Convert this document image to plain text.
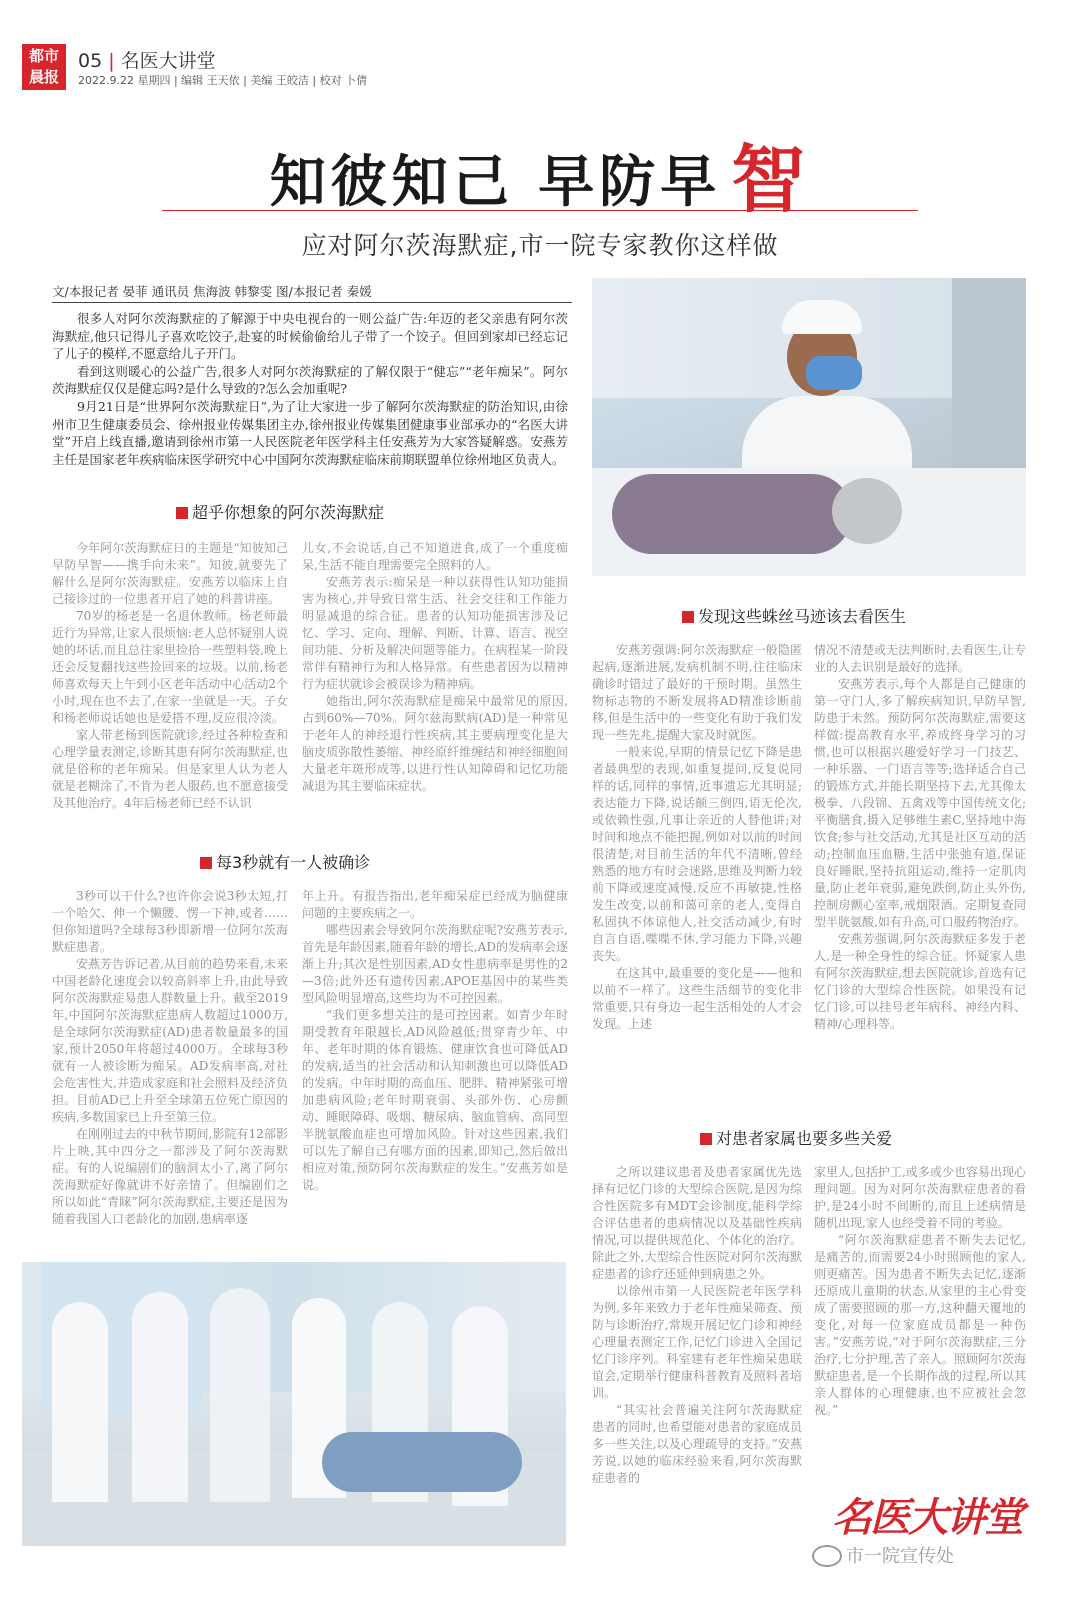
都市晨报
05 | 名医大讲堂
2022.9.22 星期四 | 编辑 王天依 | 美编 王皎洁 | 校对 卜倩
知彼知己 早防早 智
应对阿尔茨海默症,市一院专家教你这样做
文/本报记者 晏菲 通讯员 焦海波 韩黎雯 图/本报记者 秦媛

很多人对阿尔茨海默症的了解源于中央电视台的一则公益广告:年迈的老父亲患有阿尔茨海默症,他只记得儿子喜欢吃饺子,赴宴的时候偷偷给儿子带了一个饺子。但回到家却已经忘记了儿子的模样,不愿意给儿子开门。

看到这则暖心的公益广告,很多人对阿尔茨海默症的了解仅限于“健忘”“老年痴呆”。阿尔茨海默症仅仅是健忘吗?是什么导致的?怎么会加重呢?

9月21日是“世界阿尔茨海默症日”,为了让大家进一步了解阿尔茨海默症的防治知识,由徐州市卫生健康委员会、徐州报业传媒集团主办,徐州报业传媒集团健康事业部承办的“名医大讲堂”开启上线直播,邀请到徐州市第一人民医院老年医学科主任安燕芳为大家答疑解惑。安燕芳主任是国家老年疾病临床医学研究中心中国阿尔茨海默症临床前期联盟单位徐州地区负责人。

超乎你想象的阿尔茨海默症

今年阿尔茨海默症日的主题是“知彼知己 早防早智——携手向未来”。知彼,就要先了解什么是阿尔茨海默症。安燕芳以临床上自己接诊过的一位患者开启了她的科普讲座。

70岁的杨老是一名退休教师。杨老师最近行为异常,让家人很烦恼:老人总怀疑别人说她的坏话,而且总往家里捡拾一些塑料袋,晚上还会反复翻找这些捡回来的垃圾。以前,杨老师喜欢每天上午到小区老年活动中心活动2个小时,现在也不去了,在家一坐就是一天。子女和杨老师说话她也是爱搭不理,反应很冷淡。

家人带老杨到医院就诊,经过各种检查和心理学量表测定,诊断其患有阿尔茨海默症,也就是俗称的老年痴呆。但是家里人认为老人就是老糊涂了,不肯为老人服药,也不愿意接受及其他治疗。4年后杨老师已经不认识

儿女,不会说话,自己不知道进食,成了一个重度痴呆,生活不能自理需要完全照料的人。

安燕芳表示:痴呆是一种以获得性认知功能损害为核心,并导致日常生活、社会交往和工作能力明显减退的综合征。患者的认知功能损害涉及记忆、学习、定向、理解、判断、计算、语言、视空间功能、分析及解决问题等能力。在病程某一阶段常伴有精神行为和人格异常。有些患者因为以精神行为症状就诊会被误诊为精神病。

她指出,阿尔茨海默症是痴呆中最常见的原因,占到60%—70%。阿尔兹海默病(AD)是一种常见于老年人的神经退行性疾病,其主要病理变化是大脑皮质弥散性萎缩、神经原纤维缠结和神经细胞间大量老年斑形成等,以进行性认知障碍和记忆功能减退为其主要临床症状。

每3秒就有一人被确诊

3秒可以干什么?也许你会说3秒太短,打一个哈欠、伸一个懒腰、愣一下神,或者……但你知道吗?全球每3秒即新增一位阿尔茨海默症患者。

安燕芳告诉记者,从目前的趋势来看,未来中国老龄化速度会以较高斜率上升,由此导致阿尔茨海默症易患人群数量上升。截至2019年,中国阿尔茨海默症患病人数超过1000万,是全球阿尔茨海默症(AD)患者数量最多的国家,预计2050年将超过4000万。全球每3秒就有一人被诊断为痴呆。AD发病率高,对社会危害性大,并造成家庭和社会照料及经济负担。目前AD已上升至全球第五位死亡原因的疾病,多数国家已上升至第三位。

在刚刚过去的中秋节期间,影院有12部影片上映,其中四分之一都涉及了阿尔茨海默症。有的人说编剧们的脑洞太小了,离了阿尔茨海默症好像就讲不好亲情了。但编剧们之所以如此“青睐”阿尔茨海默症,主要还是因为随着我国人口老龄化的加剧,患病率逐

年上升。有报告指出,老年痴呆症已经成为脑健康问题的主要疾病之一。

哪些因素会导致阿尔茨海默症呢?安燕芳表示,首先是年龄因素,随着年龄的增长,AD的发病率会逐渐上升;其次是性别因素,AD女性患病率是男性的2—3倍;此外还有遗传因素,APOE基因中的某些类型风险明显增高,这些均为不可控因素。

“我们更多想关注的是可控因素。如青少年时期受教育年限越长,AD风险越低;贯穿青少年、中年、老年时期的体育锻炼、健康饮食也可降低AD的发病,适当的社会活动和认知刺激也可以降低AD的发病。中年时期的高血压、肥胖、精神紧张可增加患病风险;老年时期衰弱、头部外伤、心房颤动、睡眠障碍、吸烟、糖尿病、脑血管病、高同型半胱氨酸血症也可增加风险。针对这些因素,我们可以先了解自己有哪方面的因素,即知己,然后做出相应对策,预防阿尔茨海默症的发生。”安燕芳如是说。

发现这些蛛丝马迹该去看医生

安燕芳强调:阿尔茨海默症一般隐匿起病,逐渐进展,发病机制不明,往往临床确诊时错过了最好的干预时期。虽然生物标志物的不断发展将AD精准诊断前移,但是生活中的一些变化有助于我们发现一些先兆,提醒大家及时就医。

一般来说,早期的情景记忆下降是患者最典型的表现,如重复提问,反复说同样的话,同样的事情,近事遗忘尤其明显;表达能力下降,说话颠三倒四,语无伦次,或依赖性强,凡事让亲近的人替他讲;对时间和地点不能把握,例如对以前的时间很清楚,对目前生活的年代不清晰,曾经熟悉的地方有时会迷路,思维及判断力较前下降或速度减慢,反应不再敏捷,性格发生改变,以前和蔼可亲的老人,变得自私固执不体谅他人,社交活动减少,有时自言自语,喋喋不休,学习能力下降,兴趣丧失。

在这其中,最重要的变化是——他和以前不一样了。这些生活细节的变化非常重要,只有身边一起生活相处的人才会发现。上述

情况不清楚或无法判断时,去看医生,让专业的人去识别是最好的选择。

安燕芳表示,每个人都是自己健康的第一守门人,多了解疾病知识,早防早智,防患于未然。预防阿尔茨海默症,需要这样做:提高教育水平,养成终身学习的习惯,也可以根据兴趣爱好学习一门技艺、一种乐器、一门语言等等;选择适合自己的锻炼方式,并能长期坚持下去,尤其像太极拳、八段锦、五禽戏等中国传统文化;平衡膳食,摄入足够维生素C,坚持地中海饮食;参与社交活动,尤其是社区互动的活动;控制血压血糖,生活中张弛有道,保证良好睡眠,坚持抗阻运动,维持一定肌肉量,防止老年衰弱,避免跌倒,防止头外伤,控制房颤心室率,戒烟限酒。定期复查同型半胱氨酸,如有升高,可口服药物治疗。

安燕芳强调,阿尔茨海默症多发于老人,是一种全身性的综合征。怀疑家人患有阿尔茨海默症,想去医院就诊,首选有记忆门诊的大型综合性医院。如果没有记忆门诊,可以挂号老年病科、神经内科、精神/心理科等。

对患者家属也要多些关爱

之所以建议患者及患者家属优先选择有记忆门诊的大型综合医院,是因为综合性医院多有MDT会诊制度,能科学综合评估患者的患病情况以及基础性疾病情况,可以提供规范化、个体化的治疗。除此之外,大型综合性医院对阿尔茨海默症患者的诊疗还延伸到病患之外。

以徐州市第一人民医院老年医学科为例,多年来致力于老年性痴呆筛查、预防与诊断治疗,常规开展记忆门诊和神经心理量表测定工作,记忆门诊进入全国记忆门诊序列。科室建有老年性痴呆患联谊会,定期举行健康科普教育及照料者培训。

“其实社会普遍关注阿尔茨海默症患者的同时,也希望能对患者的家庭成员多一些关注,以及心理疏导的支持。”安燕芳说,以她的临床经验来看,阿尔茨海默症患者的

家里人,包括护工,或多或少也容易出现心理问题。因为对阿尔茨海默症患者的看护,是24小时不间断的,而且上述病情是随机出现,家人也经受着不同的考验。

“阿尔茨海默症患者不断失去记忆,是痛苦的,而需要24小时照顾他的家人,则更痛苦。因为患者不断失去记忆,逐渐还原成儿童期的状态,从家里的主心骨变成了需要照顾的那一方,这种翻天覆地的变化,对每一位家庭成员都是一种伤害。”安燕芳说,“对于阿尔茨海默症,三分治疗,七分护理,苦了亲人。照顾阿尔茨海默症患者,是一个长期作战的过程,所以其亲人群体的心理健康,也不应被社会忽视。”

名医大讲堂
市一院宣传处
